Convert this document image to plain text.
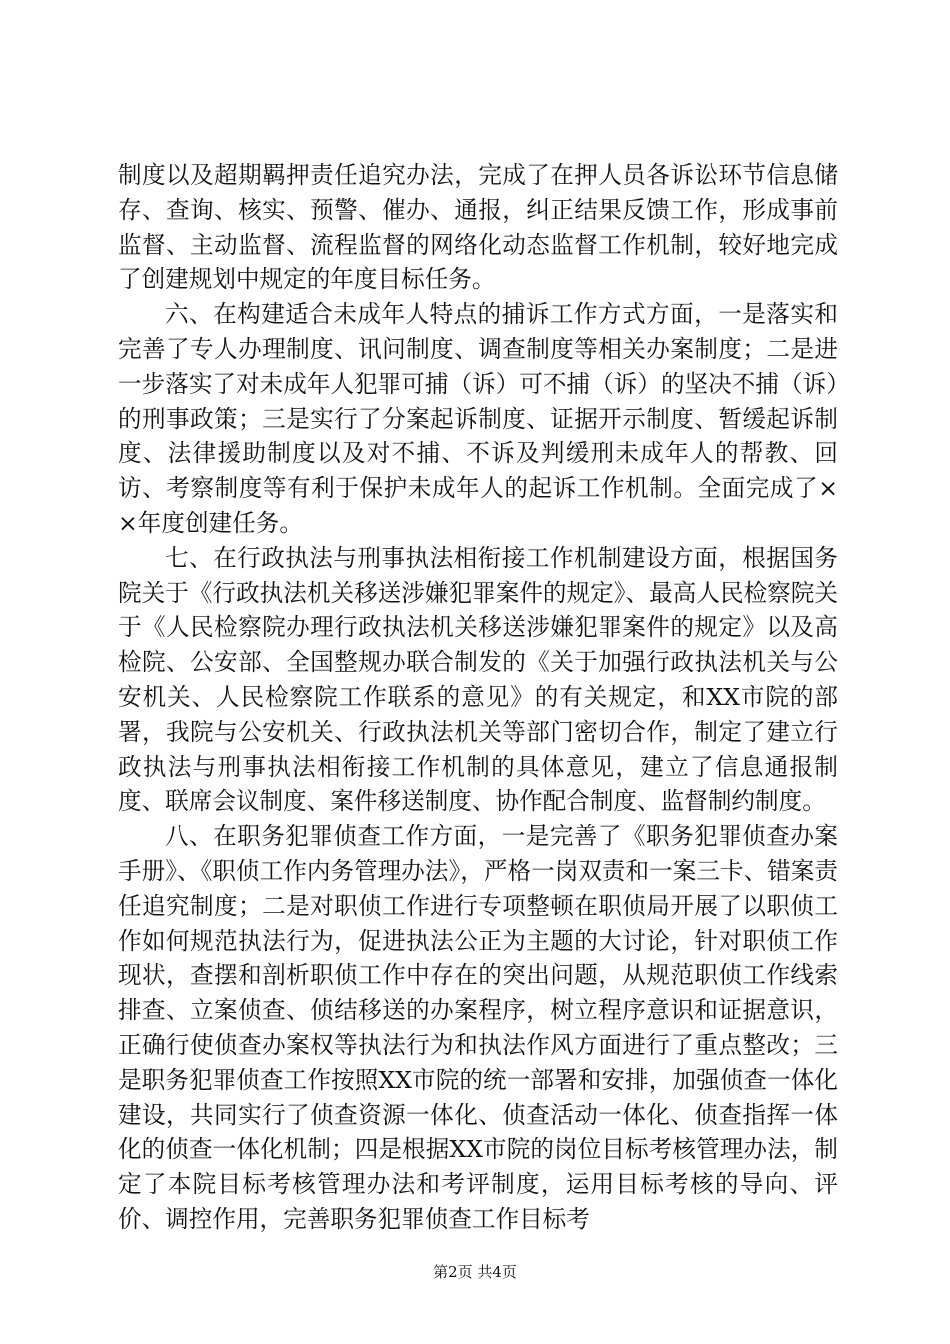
制度以及超期羁押责任追究办法，完成了在押人员各诉讼环节信息储存、查询、核实、预警、催办、通报，纠正结果反馈工作，形成事前监督、主动监督、流程监督的网络化动态监督工作机制，较好地完成了创建规划中规定的年度目标任务。

六、在构建适合未成年人特点的捕诉工作方式方面，一是落实和完善了专人办理制度、讯问制度、调查制度等相关办案制度；二是进一步落实了对未成年人犯罪可捕（诉）可不捕（诉）的坚决不捕（诉）的刑事政策；三是实行了分案起诉制度、证据开示制度、暂缓起诉制度、法律援助制度以及对不捕、不诉及判缓刑未成年人的帮教、回访、考察制度等有利于保护未成年人的起诉工作机制。全面完成了××年度创建任务。

七、在行政执法与刑事执法相衔接工作机制建设方面，根据国务院关于《行政执法机关移送涉嫌犯罪案件的规定》、最高人民检察院关于《人民检察院办理行政执法机关移送涉嫌犯罪案件的规定》以及高检院、公安部、全国整规办联合制发的《关于加强行政执法机关与公安机关、人民检察院工作联系的意见》的有关规定，和XX市院的部署，我院与公安机关、行政执法机关等部门密切合作，制定了建立行政执法与刑事执法相衔接工作机制的具体意见，建立了信息通报制度、联席会议制度、案件移送制度、协作配合制度、监督制约制度。

八、在职务犯罪侦查工作方面，一是完善了《职务犯罪侦查办案手册》、《职侦工作内务管理办法》，严格一岗双责和一案三卡、错案责任追究制度；二是对职侦工作进行专项整顿在职侦局开展了以职侦工作如何规范执法行为，促进执法公正为主题的大讨论，针对职侦工作现状，查摆和剖析职侦工作中存在的突出问题，从规范职侦工作线索排查、立案侦查、侦结移送的办案程序，树立程序意识和证据意识，正确行使侦查办案权等执法行为和执法作风方面进行了重点整改；三是职务犯罪侦查工作按照XX市院的统一部署和安排，加强侦查一体化建设，共同实行了侦查资源一体化、侦查活动一体化、侦查指挥一体化的侦查一体化机制；四是根据XX市院的岗位目标考核管理办法，制定了本院目标考核管理办法和考评制度，运用目标考核的导向、评价、调控作用，完善职务犯罪侦查工作目标考

第2页 共4页
